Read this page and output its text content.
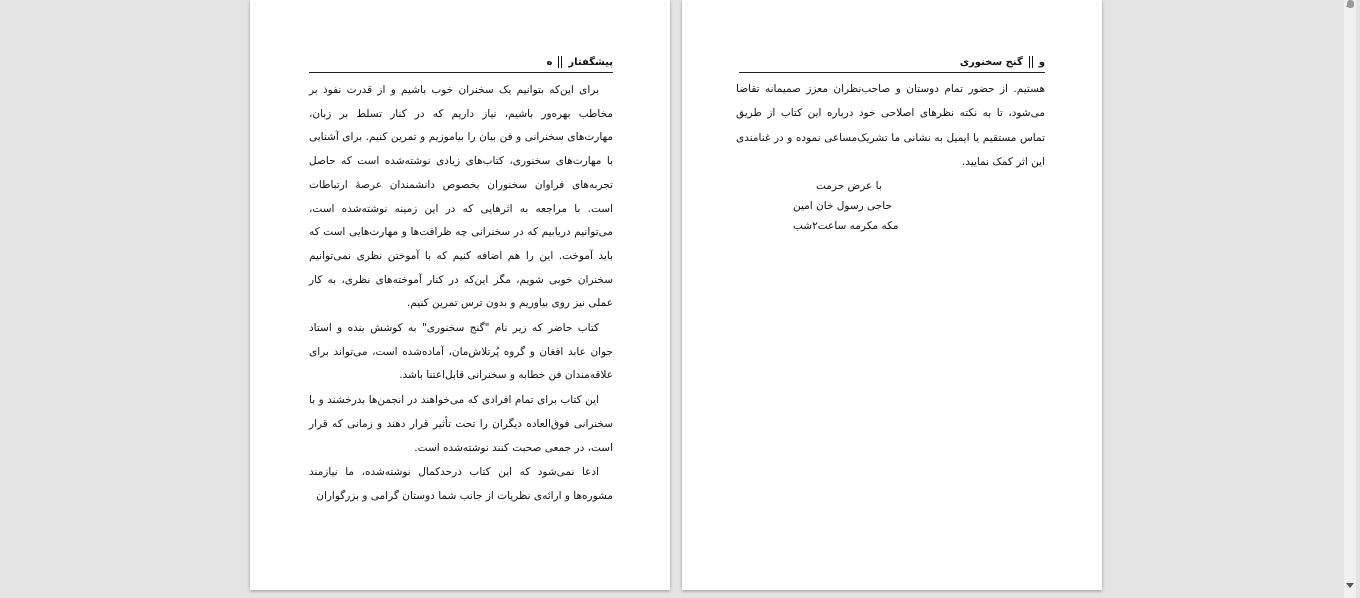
پیشگفتار
ه

برای این‌که بتوانیم یک سخنران خوب باشیم و از قدرت نفوذ بر مخاطب بهره‌ور باشیم، نیاز داریم که در کنار تسلط بر زبان، مهارت‌های سخنرانی و فن بیان را بیاموزیم و تمرین کنیم. برای آشنایی با مهارت‌های سخنوری، کتاب‌های زیادی نوشته‌شده است که حاصل تجربه‌های فراوان سخنوران بخصوص دانشمندان عرصهٔ ارتباطات است. با مراجعه به اثرهایی که در این زمینه نوشته‌شده است، می‌توانیم دریابیم که در سخنرانی چه ظرافت‌ها و مهارت‌هایی است که باید آموخت. این را هم اضافه کنیم که با آموختن نظری نمی‌توانیم سخنران خوبی شویم، مگر این‌که در کنار آموخته‌های نظری، به کار عملی نیز روی بیاوریم و بدون ترس تمرین کنیم.

کتاب حاضر که زیر نام "گنج سخنوری" به کوشش بنده و استاد جوان عابد افغان و گروه پُرتلاش‌مان، آماده‌شده است، می‌تواند برای علاقه‌مندان فن خطابه و سخنرانی قابل‌اعتنا باشد.

این کتاب برای تمام افرادی که می‌خواهند در انجمن‌ها بدرخشند و با سخنرانی فوق‌العاده دیگران را تحت تأثیر قرار دهند و زمانی که قرار است، در جمعی صحبت کنند نوشته‌شده است.

ادعا نمی‌شود که این کتاب درحدکمال نوشته‌شده، ما نیازمند مشوره‌ها و ارائه‌ی نظریات از جانب شما دوستان گرامی و بزرگواران

و
گنج سخنوری

هستیم. از حضور تمام دوستان و صاحب‌نظران معزز صمیمانه تقاضا می‌شود، تا به نکته نظرهای اصلاحی خود درباره این کتاب از طریق تماس مستقیم یا ایمیل به نشانی ما تشریک‌مساعی نموده و در غنامندی این اثر کمک نمایید.

با عرض حرمت
حاجی رسول خان امین
مکه مکرمه ساعت۲شب
